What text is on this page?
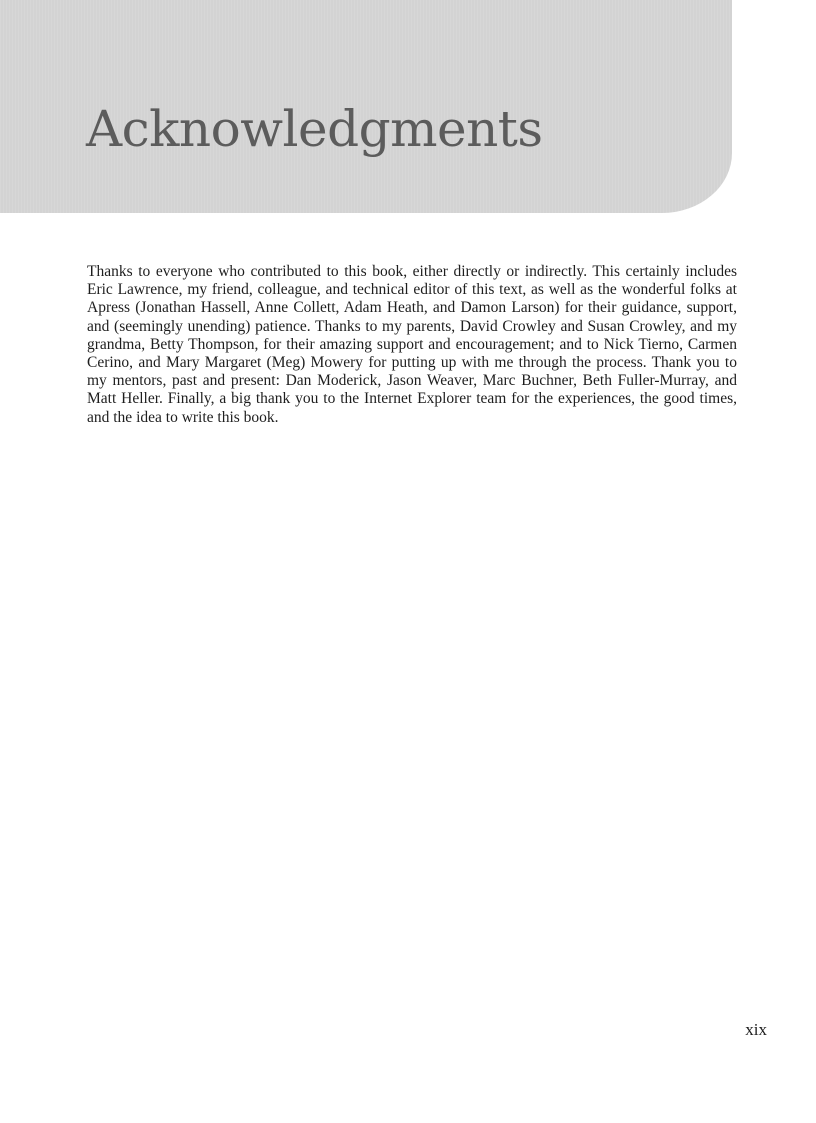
Acknowledgments

Thanks to everyone who contributed to this book, either directly or indirectly. This certainly includes Eric Lawrence, my friend, colleague, and technical editor of this text, as well as the wonderful folks at Apress (Jonathan Hassell, Anne Collett, Adam Heath, and Damon Larson) for their guidance, support, and (seemingly unending) patience. Thanks to my parents, David Crowley and Susan Crowley, and my grandma, Betty Thompson, for their amazing support and encouragement; and to Nick Tierno, Carmen Cerino, and Mary Margaret (Meg) Mowery for putting up with me through the process. Thank you to my mentors, past and present: Dan Moderick, Jason Weaver, Marc Buchner, Beth Fuller-Murray, and Matt Heller. Finally, a big thank you to the Internet Explorer team for the experiences, the good times, and the idea to write this book.

xix
